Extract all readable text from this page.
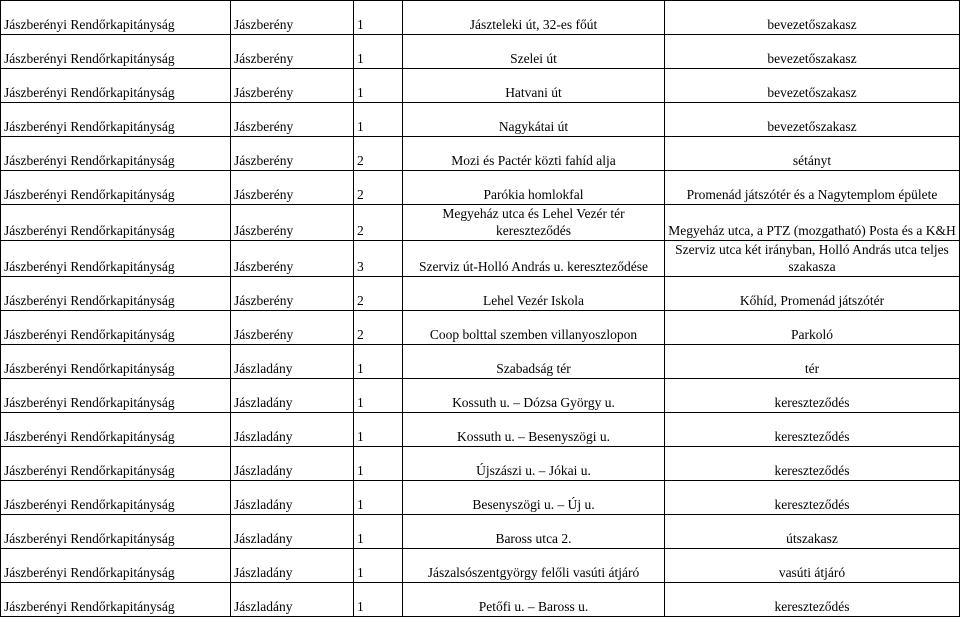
Jászberényi Rendőrkapitányság	Jászberény	1	Jászteleki út, 32-es főút	bevezetőszakasz
Jászberényi Rendőrkapitányság	Jászberény	1	Szelei út	bevezetőszakasz
Jászberényi Rendőrkapitányság	Jászberény	1	Hatvani út	bevezetőszakasz
Jászberényi Rendőrkapitányság	Jászberény	1	Nagykátai út	bevezetőszakasz
Jászberényi Rendőrkapitányság	Jászberény	2	Mozi és Pactér közti fahíd alja	sétányt
Jászberényi Rendőrkapitányság	Jászberény	2	Parókia homlokfal	Promenád játszótér és a Nagytemplom épülete
Jászberényi Rendőrkapitányság	Jászberény	2	Megyeház utca és Lehel Vezér tér kereszteződés	Megyeház utca, a PTZ (mozgatható) Posta és a K&H
Jászberényi Rendőrkapitányság	Jászberény	3	Szerviz út-Holló András u. kereszteződése	Szerviz utca két irányban, Holló András utca teljes szakasza
Jászberényi Rendőrkapitányság	Jászberény	2	Lehel Vezér Iskola	Kőhíd, Promenád játszótér
Jászberényi Rendőrkapitányság	Jászberény	2	Coop bolttal szemben villanyoszlopon	Parkoló
Jászberényi Rendőrkapitányság	Jászladány	1	Szabadság tér	tér
Jászberényi Rendőrkapitányság	Jászladány	1	Kossuth u. – Dózsa György u.	kereszteződés
Jászberényi Rendőrkapitányság	Jászladány	1	Kossuth u. – Besenyszögi u.	kereszteződés
Jászberényi Rendőrkapitányság	Jászladány	1	Újszászi u. – Jókai u.	kereszteződés
Jászberényi Rendőrkapitányság	Jászladány	1	Besenyszögi u. – Új u.	kereszteződés
Jászberényi Rendőrkapitányság	Jászladány	1	Baross utca 2.	útszakasz
Jászberényi Rendőrkapitányság	Jászladány	1	Jászalsószentgyörgy felőli vasúti átjáró	vasúti átjáró
Jászberényi Rendőrkapitányság	Jászladány	1	Petőfi u. – Baross u.	kereszteződés
